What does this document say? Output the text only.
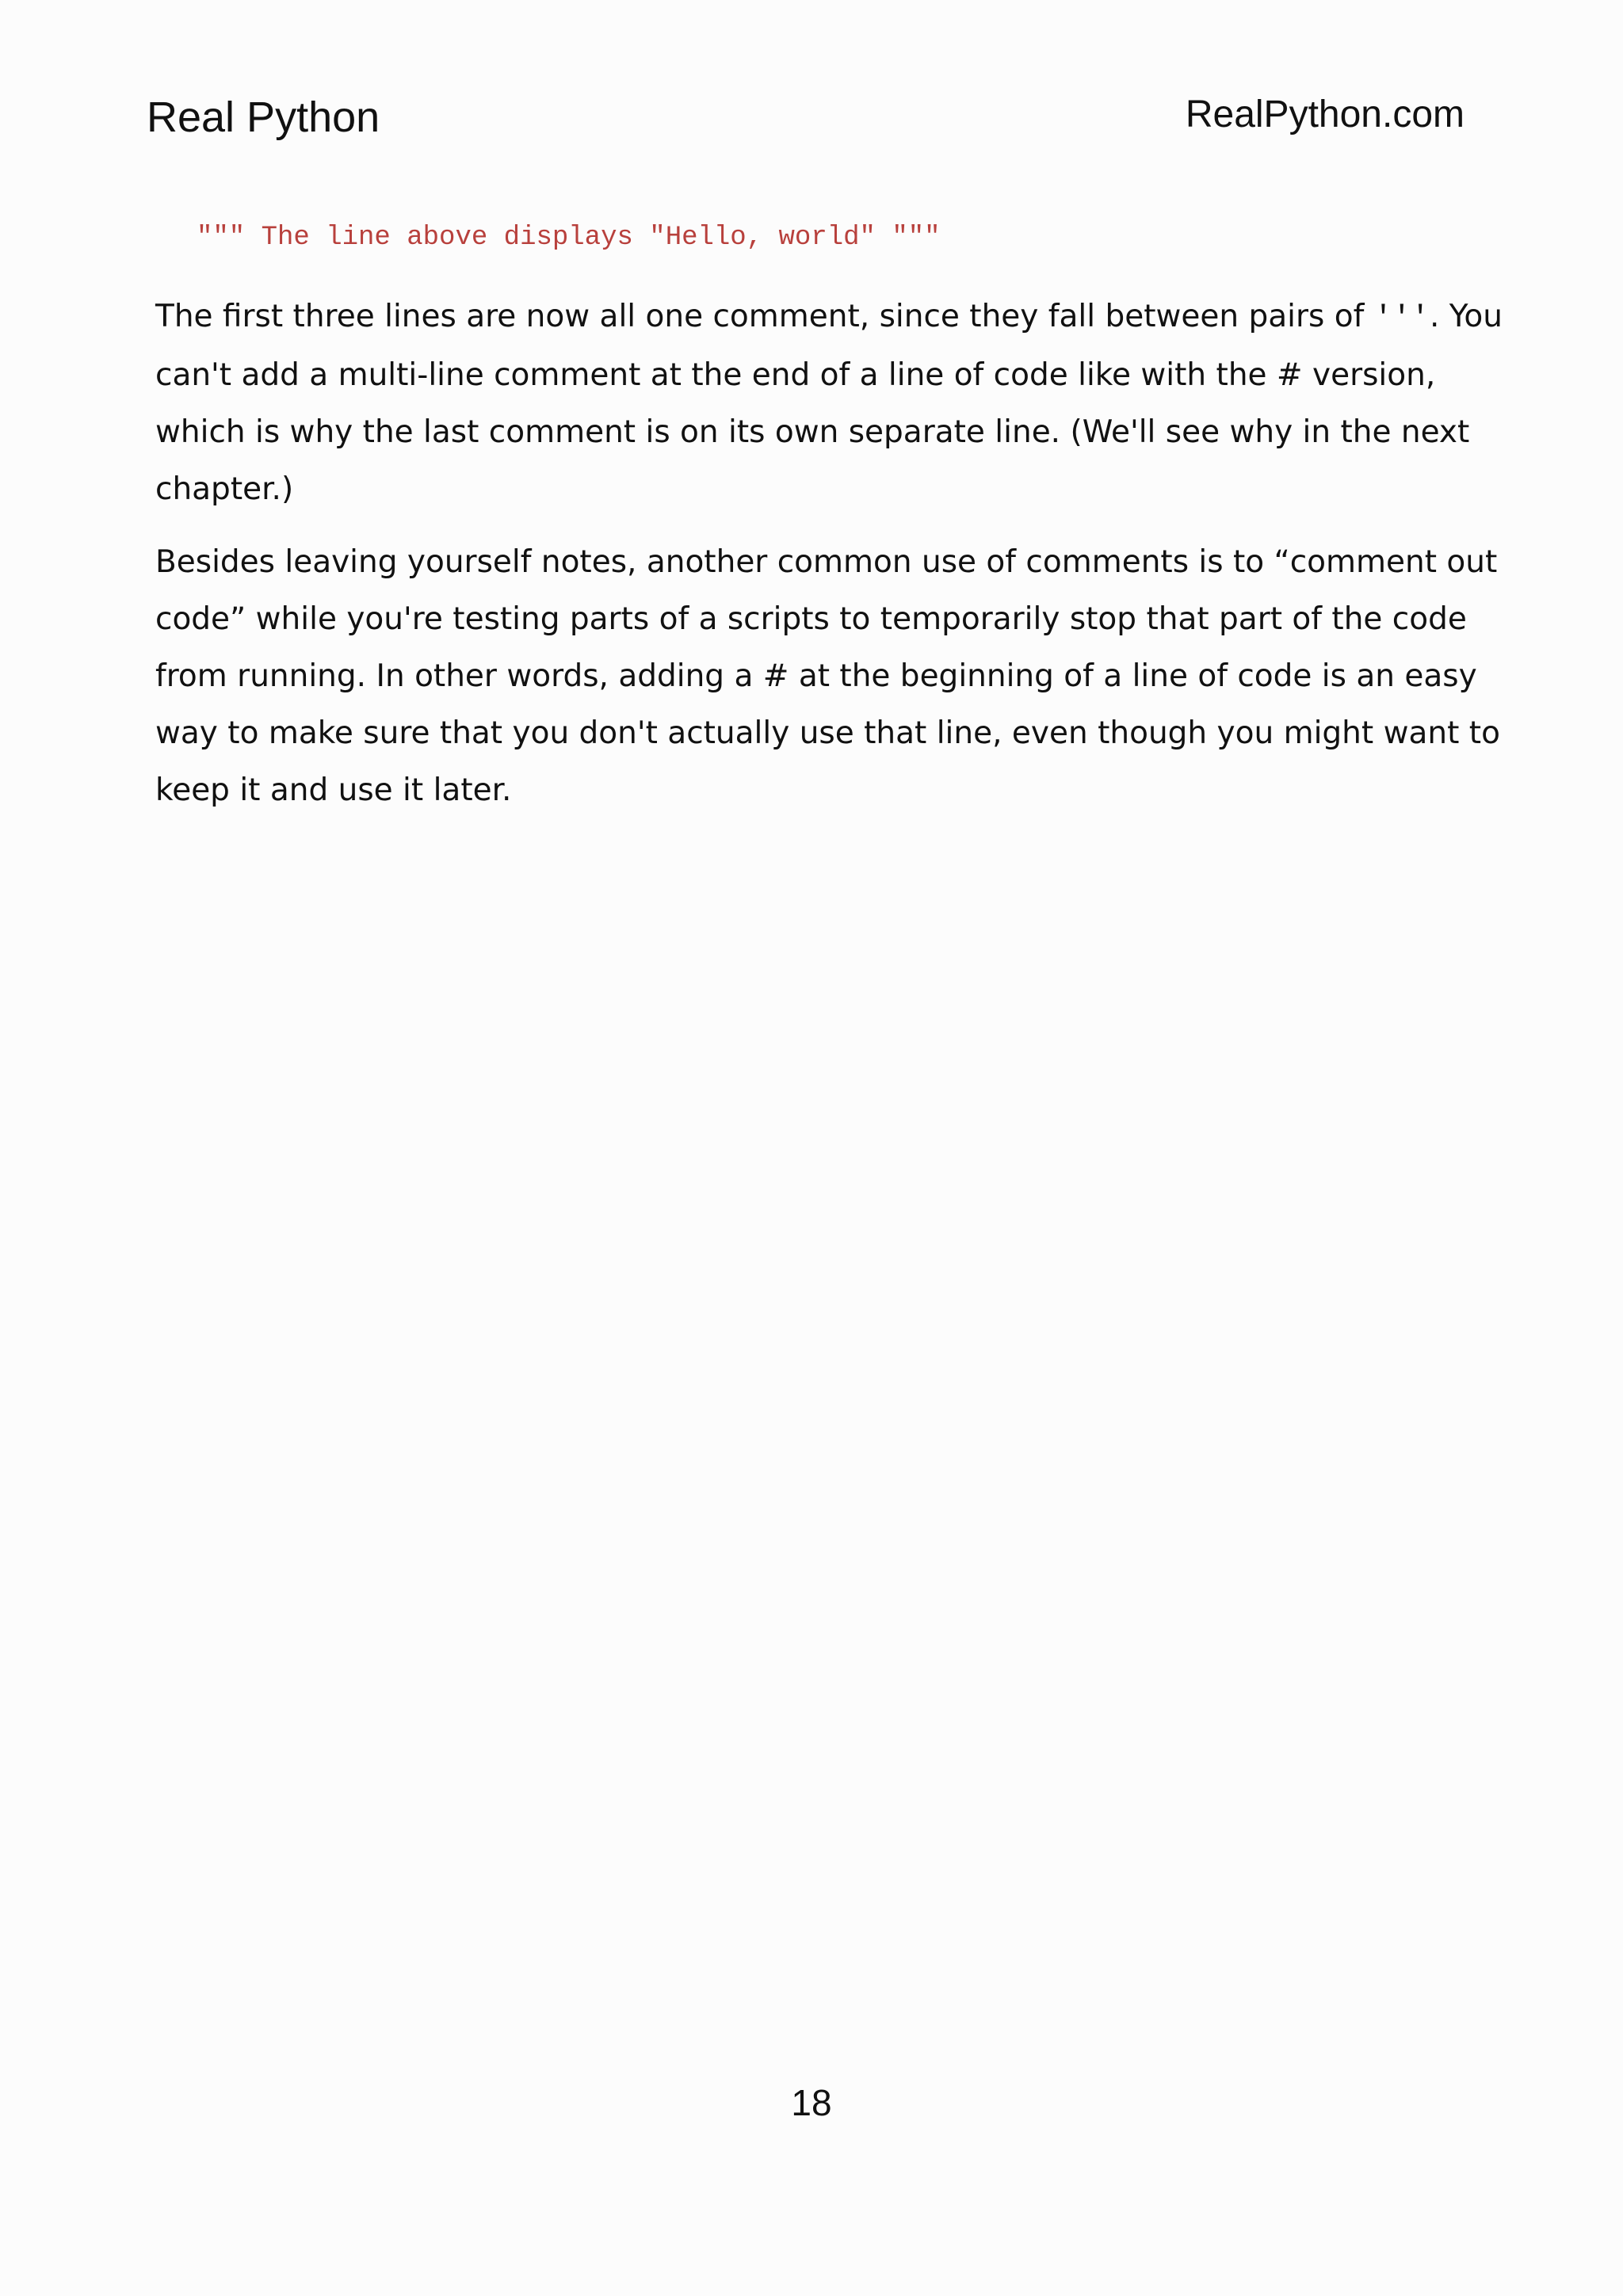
Real Python	RealPython.com
""" The line above displays "Hello, world" """
The first three lines are now all one comment, since they fall between pairs of '''. You
can't add a multi-line comment at the end of a line of code like with the # version,
which is why the last comment is on its own separate line. (We'll see why in the next
chapter.)
Besides leaving yourself notes, another common use of comments is to “comment out
code” while you're testing parts of a scripts to temporarily stop that part of the code
from running. In other words, adding a # at the beginning of a line of code is an easy
way to make sure that you don't actually use that line, even though you might want to
keep it and use it later.
18
